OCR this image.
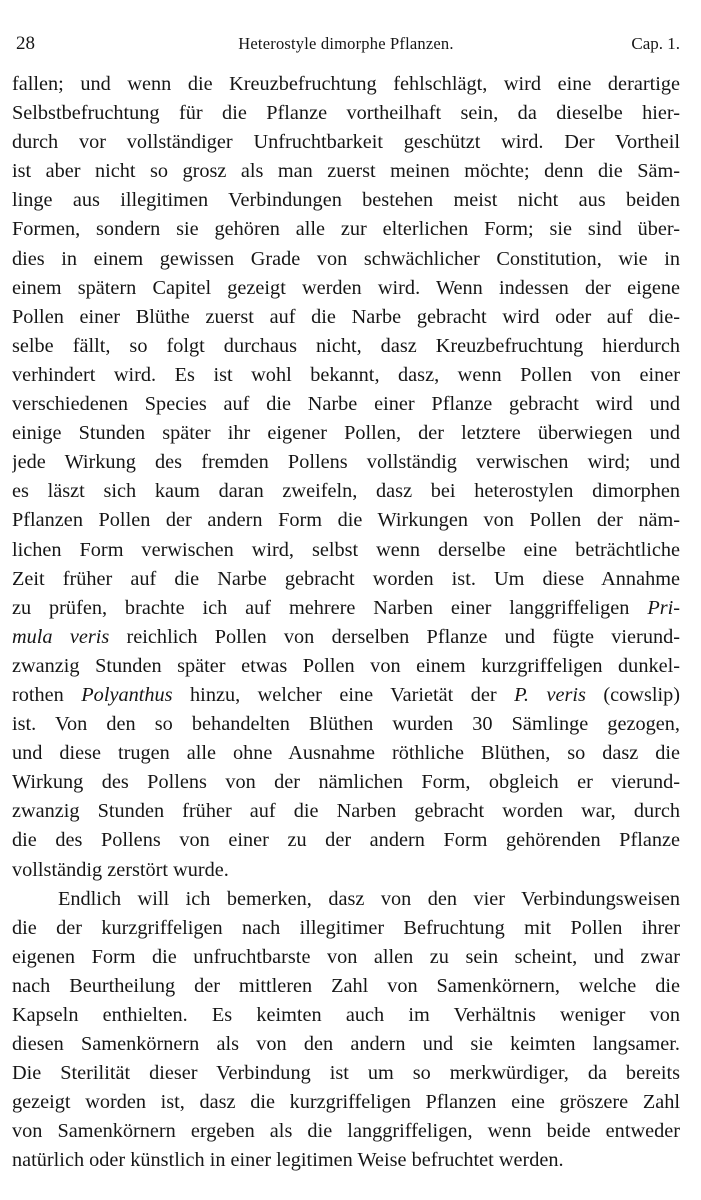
28	Heterostyle dimorphe Pflanzen.	Cap. 1.
fallen; und wenn die Kreuzbefruchtung fehlschlägt, wird eine derartige
Selbstbefruchtung für die Pflanze vortheilhaft sein, da dieselbe hier-
durch vor vollständiger Unfruchtbarkeit geschützt wird. Der Vortheil
ist aber nicht so grosz als man zuerst meinen möchte; denn die Säm-
linge aus illegitimen Verbindungen bestehen meist nicht aus beiden
Formen, sondern sie gehören alle zur elterlichen Form; sie sind über-
dies in einem gewissen Grade von schwächlicher Constitution, wie in
einem spätern Capitel gezeigt werden wird. Wenn indessen der eigene
Pollen einer Blüthe zuerst auf die Narbe gebracht wird oder auf die-
selbe fällt, so folgt durchaus nicht, dasz Kreuzbefruchtung hierdurch
verhindert wird. Es ist wohl bekannt, dasz, wenn Pollen von einer
verschiedenen Species auf die Narbe einer Pflanze gebracht wird und
einige Stunden später ihr eigener Pollen, der letztere überwiegen und
jede Wirkung des fremden Pollens vollständig verwischen wird; und
es läszt sich kaum daran zweifeln, dasz bei heterostylen dimorphen
Pflanzen Pollen der andern Form die Wirkungen von Pollen der näm-
lichen Form verwischen wird, selbst wenn derselbe eine beträchtliche
Zeit früher auf die Narbe gebracht worden ist. Um diese Annahme
zu prüfen, brachte ich auf mehrere Narben einer langgriffeligen Pri-
mula veris reichlich Pollen von derselben Pflanze und fügte vierund-
zwanzig Stunden später etwas Pollen von einem kurzgriffeligen dunkel-
rothen Polyanthus hinzu, welcher eine Varietät der P. veris (cowslip)
ist. Von den so behandelten Blüthen wurden 30 Sämlinge gezogen,
und diese trugen alle ohne Ausnahme röthliche Blüthen, so dasz die
Wirkung des Pollens von der nämlichen Form, obgleich er vierund-
zwanzig Stunden früher auf die Narben gebracht worden war, durch
die des Pollens von einer zu der andern Form gehörenden Pflanze
vollständig zerstört wurde.
Endlich will ich bemerken, dasz von den vier Verbindungsweisen
die der kurzgriffeligen nach illegitimer Befruchtung mit Pollen ihrer
eigenen Form die unfruchtbarste von allen zu sein scheint, und zwar
nach Beurtheilung der mittleren Zahl von Samenkörnern, welche die
Kapseln enthielten. Es keimten auch im Verhältnis weniger von
diesen Samenkörnern als von den andern und sie keimten langsamer.
Die Sterilität dieser Verbindung ist um so merkwürdiger, da bereits
gezeigt worden ist, dasz die kurzgriffeligen Pflanzen eine gröszere Zahl
von Samenkörnern ergeben als die langgriffeligen, wenn beide entweder
natürlich oder künstlich in einer legitimen Weise befruchtet werden.
